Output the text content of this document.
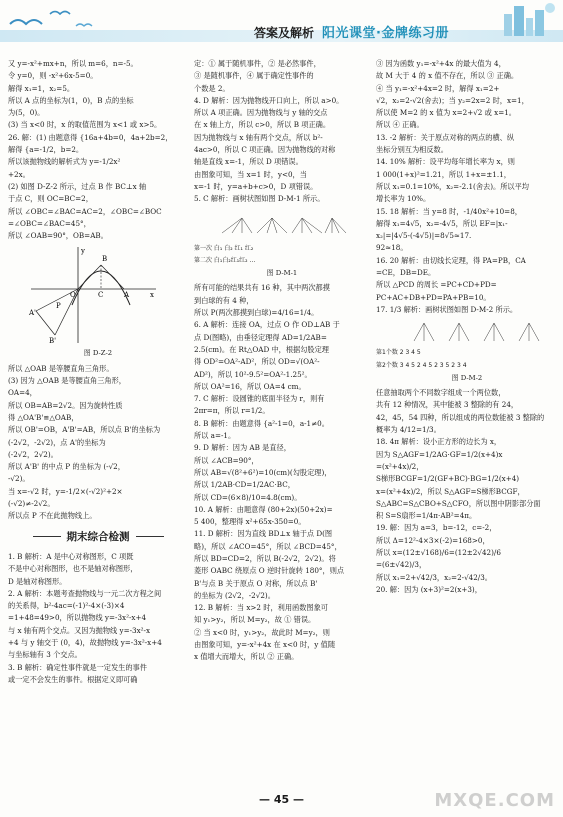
答案及解析 阳光课堂·金牌练习册
又 y=-x²+mx+n，所以 m=6，n=-5。
令 y=0，则 -x²+6x-5=0。
解得 x₁=1，x₂=5。
所以 A 点的坐标为(1，0)，B 点的坐标
为(5，0)。
(3) 当 x<0 时，x 的取值范围为 x<1 或 x>5。
26. 解：(1) 由题意得 {16a+4b=0，4a+2b=2，
解得 {a=-1/2，b=2。
所以该抛物线的解析式为 y=-1/2x²
+2x。
(2) 如图 D-Z-2 所示，过点 B 作 BC⊥x 轴
于点 C，则 OC=BC=2，
所以 ∠OBC=∠BAC=AC=2，∠OBC=∠BOC
=∠OBC=∠BAC=45°，
所以 ∠OAB=90°，OB=AB。
y
x
O	C	A
B
A'
B'
P
图 D-Z-2
所以 △OAB 是等腰直角三角形。
(3) 因为 △OAB 是等腰直角三角形，
OA=4，
所以 OB=AB=2√2。因为旋转性质
得 △OA'B'≌△OAB，
所以 OB'=OB，A'B'=AB，所以点 B'的坐标为
(-2√2，-2√2)，点 A'的坐标为
(-2√2，2√2)。
所以 A'B' 的中点 P 的坐标为 (-√2，
-√2)。
当 x=-√2 时，y=-1/2×(-√2)²+2×
(-√2)≠-2√2。
所以点 P 不在此抛物线上。
期末综合检测
1. B 解析：A 是中心对称图形，C 项既
不是中心对称图形，也不是轴对称图形，
D 是轴对称图形。
2. A 解析：本题考查抛物线与一元二次方程之间
的关系得，b²-4ac=(-1)²-4×(-3)×4
=1+48=49>0，所以抛物线 y=-3x²-x+4
与 x 轴有两个交点。又因为抛物线 y=-3x²-x
+4 与 y 轴交于 (0，4)，故抛物线 y=-3x²-x+4
与坐标轴有 3 个交点。
3. B 解析：确定性事件就是一定发生的事件
或一定不会发生的事件。根据定义即可确
定：① 属于随机事件，② 是必然事件，
③ 是随机事件，④ 属于确定性事件的
个数是 2。
4. D 解析：因为抛物线开口向上，所以 a>0。
所以 A 项正确。因为抛物线与 y 轴的交点
在 x 轴上方，所以 c>0，所以 B 项正确。
因为抛物线与 x 轴有两个交点，所以 b²-
4ac>0，所以 C 项正确。因为抛物线的对称
轴是直线 x=-1，所以 D 项错误。
由图象可知，当 x=1 时，y<0，当
x=-1 时，y=a+b+c>0，D 项错误。
5. C 解析：画树状图如图 D-M-1 所示。
第一次 白₁ 白₂ 红₁ 红₂
第二次 白₁白₂红₁红₂ …
图 D-M-1
所有可能的结果共有 16 种，其中两次都摸
到白球的有 4 种，
所以 P(两次都摸到白球)=4/16=1/4。
6. A 解析：连接 OA，过点 O 作 OD⊥AB 于
点 D(图略)，由垂径定理得 AD=1/2AB=
2.5(cm)。在 Rt△OAD 中，根据勾股定理
得 OD²=OA²-AD²，所以 OD=√(OA²-
AD²)，所以 10²-9.5²=OA²-1.25²。
所以 OA²=16，所以 OA=4 cm。
7. C 解析：设圆锥的底面半径为 r，则有
2πr=π，所以 r=1/2。
8. B 解析：由题意得 {a²-1=0，a-1≠0。
所以 a=-1。
9. D 解析：因为 AB 是直径，
所以 ∠ACB=90°，
所以 AB=√(8²+6²)=10(cm)(勾股定理)，
所以 1/2AB·CD=1/2AC·BC，
所以 CD=(6×8)/10=4.8(cm)。
10. A 解析：由题意得 (80+2x)(50+2x)=
5 400，整理得 x²+65x-350=0。
11. D 解析：因为直线 BD⊥x 轴于点 D(图
略)，所以 ∠ACO=45°，所以 ∠BCD=45°，
所以 BD=CD=2，所以 B(-2√2，2√2)。将
菱形 OABC 绕原点 O 逆时针旋转 180°，则点
B'与点 B 关于原点 O 对称，所以点 B'
的坐标为 (2√2，-2√2)。
12. B 解析：当 x>2 时，利用函数图象可
知 y₁>y₂，所以 M=y₂，故 ① 错误。
② 当 x<0 时，y₁>y₂，故此时 M=y₂，则
由图象可知，y=-x²+4x 在 x<0 时，y 值随
x 值增大而增大，所以 ② 正确。
③ 因为函数 y₁=-x²+4x 的最大值为 4，
故 M 大于 4 的 x 值不存在，所以 ③ 正确。
④ 当 y₁=-x²+4x=2 时，解得 x₁=2+
√2，x₂=2-√2(舍去)；当 y₂=2x=2 时，x=1，
所以使 M=2 的 x 值为 x=2+√2 或 x=1。
所以 ④ 正确。
13. -2 解析：关于原点对称的两点的横、纵
坐标分别互为相反数。
14. 10% 解析：设平均每年增长率为 x，则
1 000(1+x)²=1.21，所以 1+x=±1.1，
所以 x₁=0.1=10%，x₂=-2.1(舍去)。所以平均
增长率为 10%。
15. 18 解析：当 y=8 时，-1/40x²+10=8，
解得 x₁=4√5，x₂=-4√5，所以 EF=|x₁-
x₂|=|4√5-(-4√5)|=8√5≈17.
92≈18。
16. 20 解析：由切线长定理，得 PA=PB，CA
=CE，DB=DE。
所以 △PCD 的周长 =PC+CD+PD=
PC+AC+DB+PD=PA+PB=10。
17. 1/3 解析：画树状图如图 D-M-2 所示。
第1个数 2 3 4 5
第2个数 3 4 5 2 4 5 2 3 5 2 3 4
图 D-M-2
任意抽取两个不同数字组成一个两位数，
共有 12 种情况，其中能被 3 整除的有 24，
42，45，54 四种，所以组成的两位数能被 3 整除的
概率为 4/12=1/3。
18. 4π 解析：设小正方形的边长为 x，
因为 S△AGF=1/2AG·GF=1/2(x+4)x
=(x²+4x)/2，
S梯形BCGF=1/2(GF+BC)·BG=1/2(x+4)
x=(x²+4x)/2，所以 S△AGF=S梯形BCGF，
S△ABC=S△CBO+S△CFO，所以图中阴影部分面
积 S=S扇形=1/4π·AB²=4π。
19. 解：因为 a=3，b=-12，c=-2，
所以 Δ=12²-4×3×(-2)=168>0，
所以 x=(12±√168)/6=(12±2√42)/6
=(6±√42)/3，
所以 x₁=2+√42/3，x₂=2-√42/3。
20. 解：因为 (x+3)²=2(x+3)，
— 45 —	MXQE.COM
